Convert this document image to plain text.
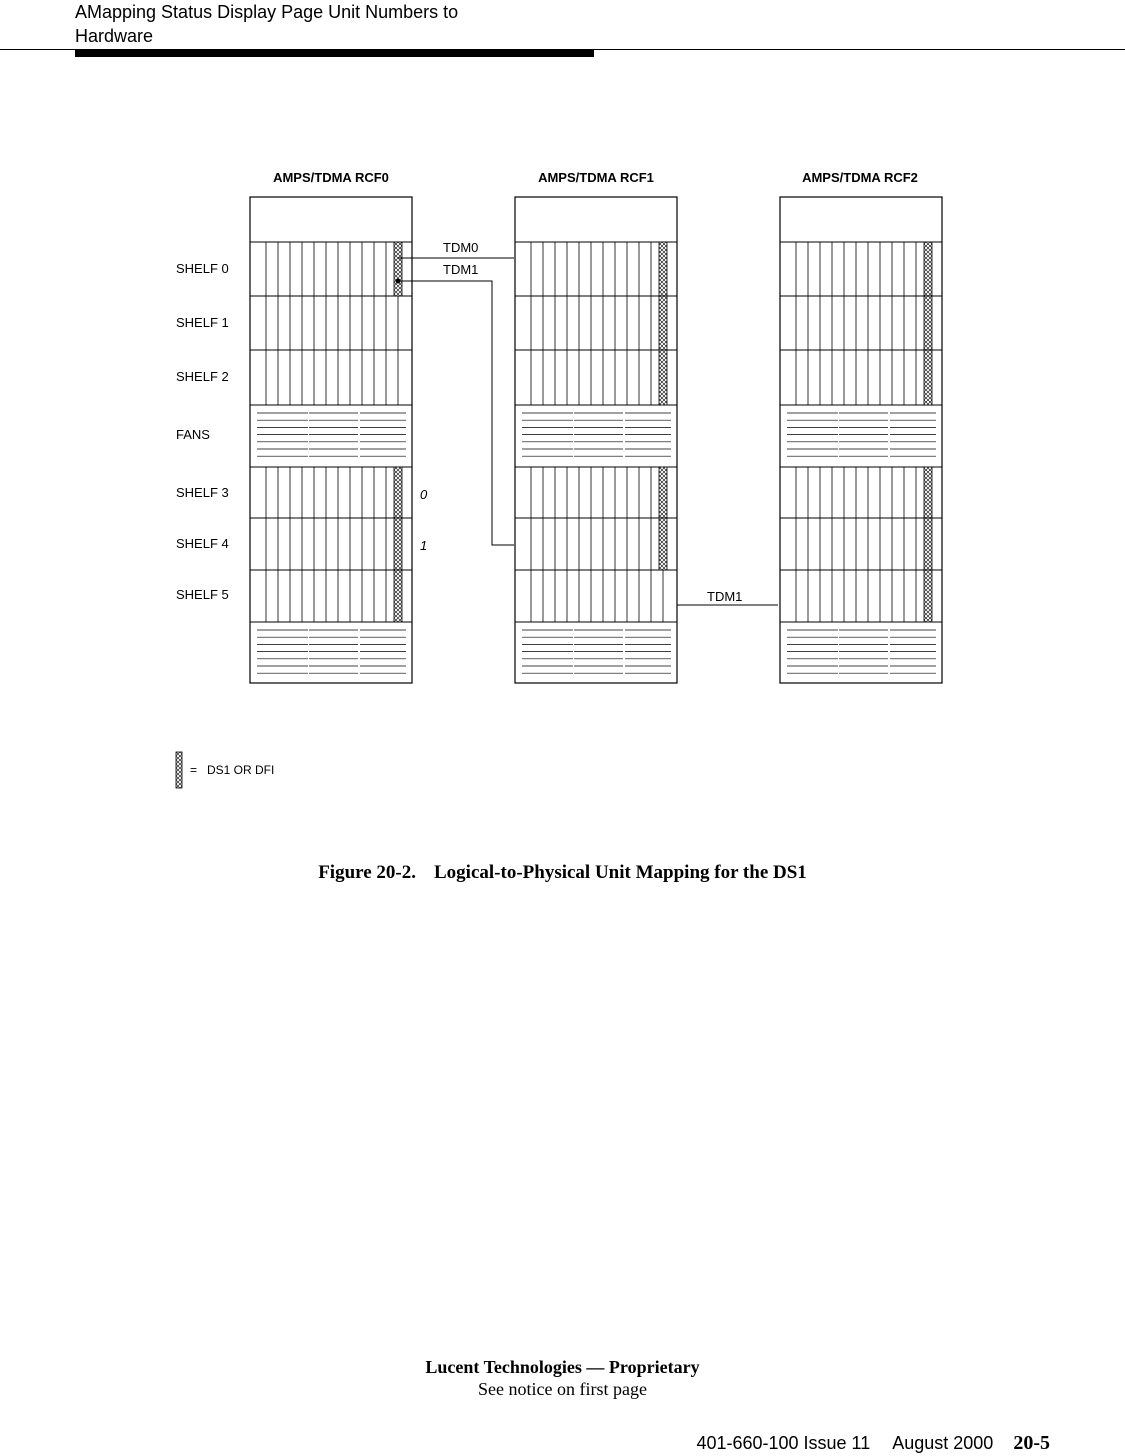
AMapping Status Display Page Unit Numbers to
Hardware
AMPS/TDMA RCF0	AMPS/TDMA RCF1	AMPS/TDMA RCF2
SHELF 0
SHELF 1
SHELF 2
FANS
SHELF 3
SHELF 4
SHELF 5
TDM0
TDM1
TDM1
0
1
= DS1 OR DFI
Figure 20-2. Logical-to-Physical Unit Mapping for the DS1
Lucent Technologies — Proprietary
See notice on first page
401-660-100 Issue 11 August 2000 20-5
